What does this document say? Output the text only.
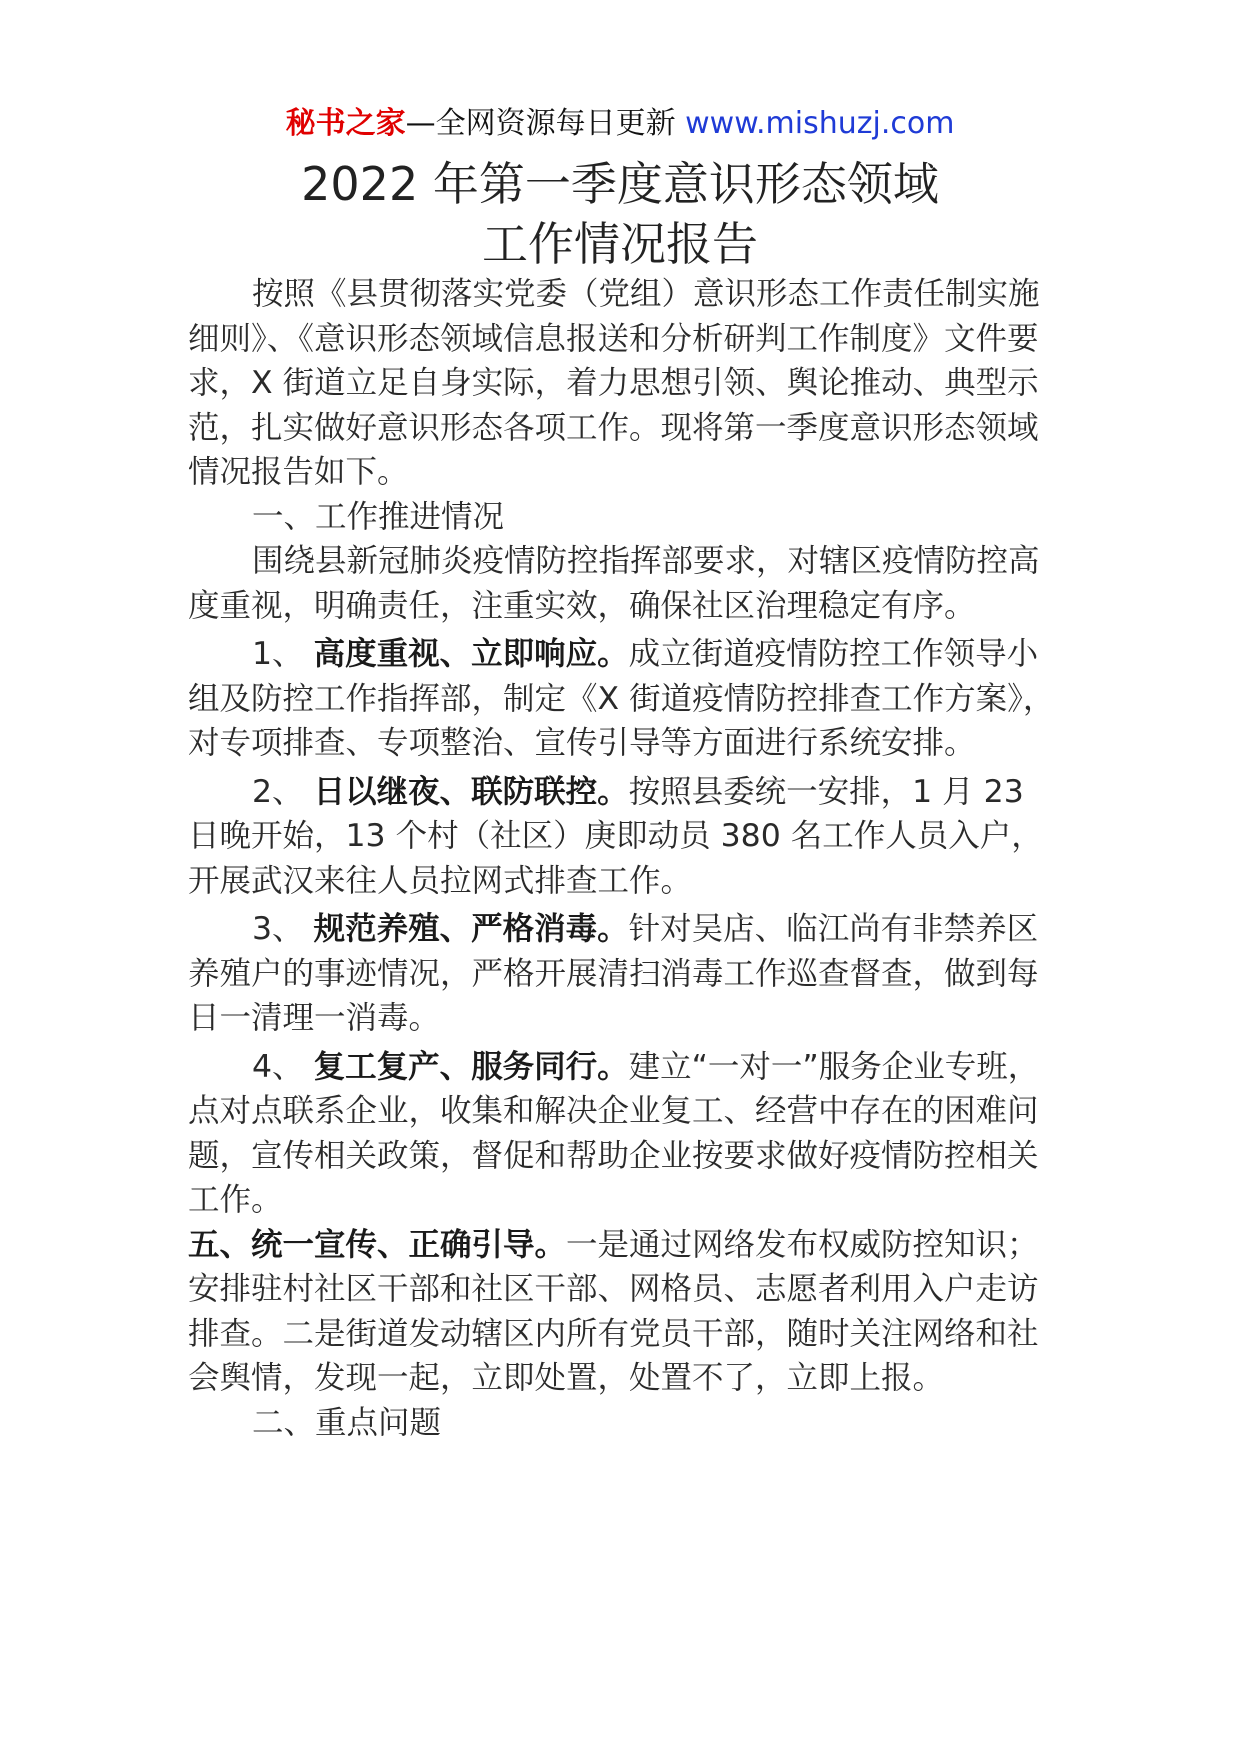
秘书之家—全网资源每日更新 www.mishuzj.com
2022 年第一季度意识形态领域
工作情况报告

按照《县贯彻落实党委（党组）意识形态工作责任制实施细则》、《意识形态领域信息报送和分析研判工作制度》文件要求，X 街道立足自身实际，着力思想引领、舆论推动、典型示范，扎实做好意识形态各项工作。现将第一季度意识形态领域情况报告如下。

一、工作推进情况

围绕县新冠肺炎疫情防控指挥部要求，对辖区疫情防控高度重视，明确责任，注重实效，确保社区治理稳定有序。

1、 高度重视、立即响应。成立街道疫情防控工作领导小组及防控工作指挥部，制定《X 街道疫情防控排查工作方案》，对专项排查、专项整治、宣传引导等方面进行系统安排。

2、 日以继夜、联防联控。按照县委统一安排，1 月 23 日晚开始，13 个村（社区）庚即动员 380 名工作人员入户，开展武汉来往人员拉网式排查工作。

3、 规范养殖、严格消毒。针对吴店、临江尚有非禁养区养殖户的事迹情况，严格开展清扫消毒工作巡查督查，做到每日一清理一消毒。

4、 复工复产、服务同行。建立“一对一”服务企业专班，点对点联系企业，收集和解决企业复工、经营中存在的困难问题，宣传相关政策，督促和帮助企业按要求做好疫情防控相关工作。

五、统一宣传、正确引导。一是通过网络发布权威防控知识；安排驻村社区干部和社区干部、网格员、志愿者利用入户走访排查。二是街道发动辖区内所有党员干部，随时关注网络和社会舆情，发现一起，立即处置，处置不了，立即上报。

二、重点问题
